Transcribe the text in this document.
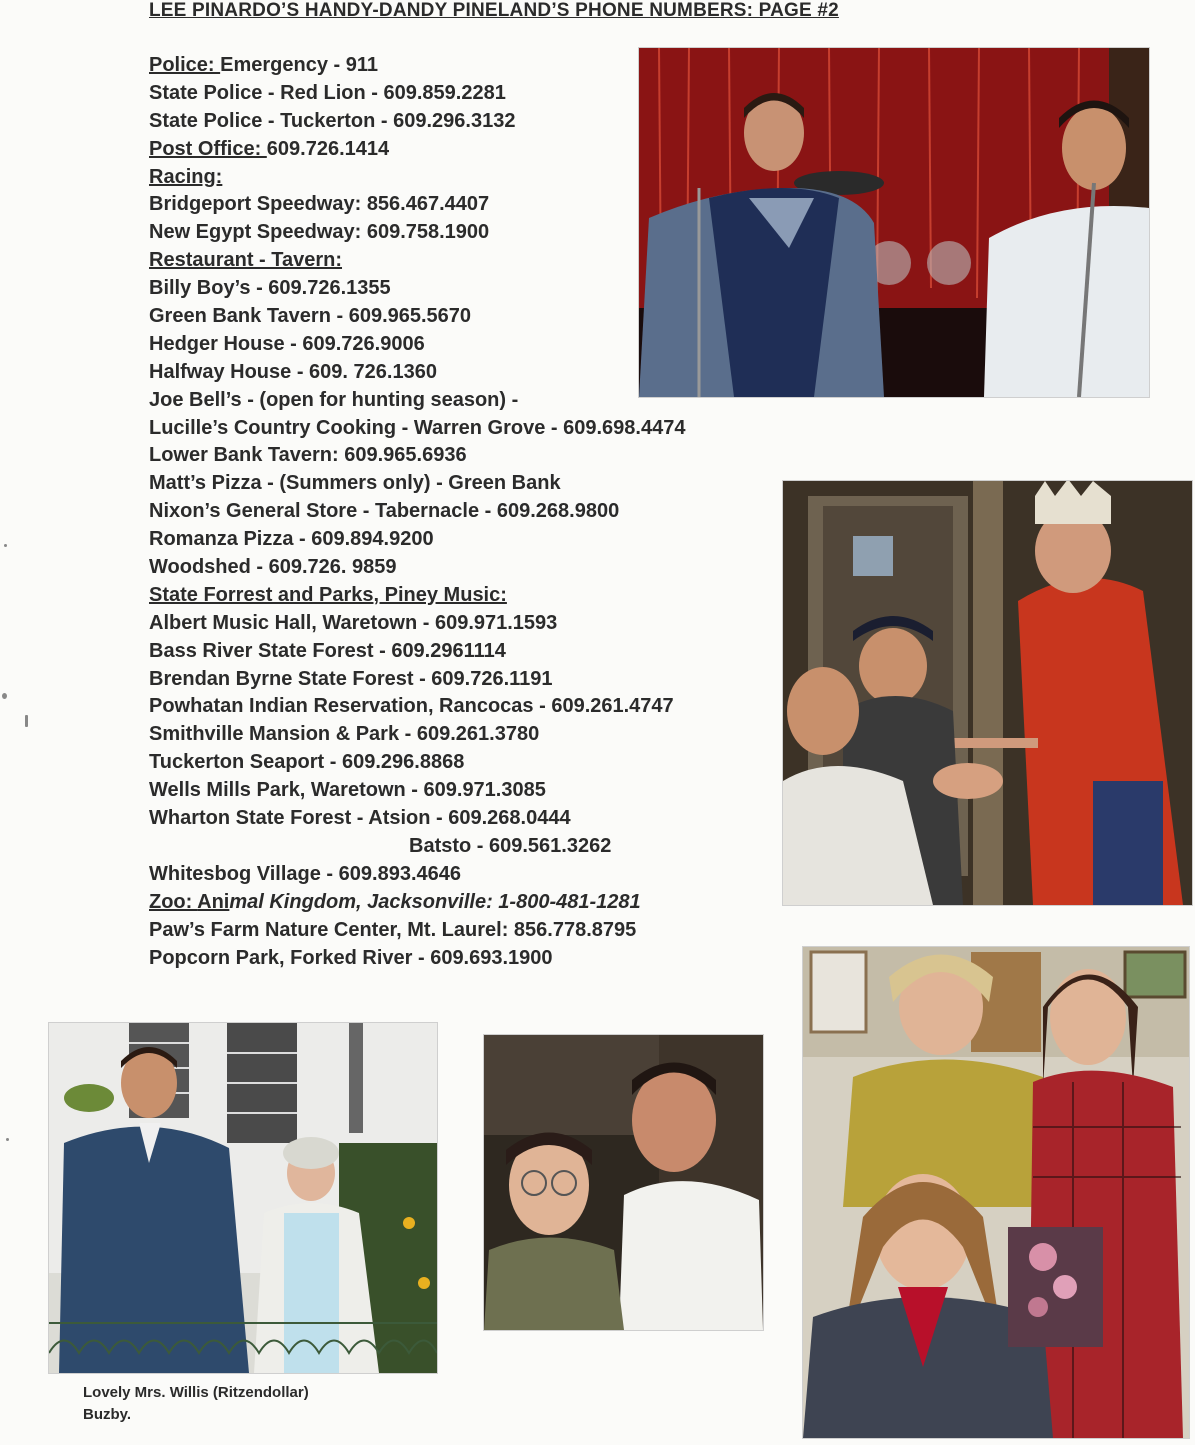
LEE PINARDO’S HANDY-DANDY PINELAND’S PHONE NUMBERS: PAGE #2
Police: Emergency - 911
State Police - Red Lion - 609.859.2281
State Police - Tuckerton - 609.296.3132
Post Office: 609.726.1414
Racing:
Bridgeport Speedway: 856.467.4407
New Egypt Speedway: 609.758.1900
Restaurant - Tavern:
Billy Boy’s - 609.726.1355
Green Bank Tavern - 609.965.5670
Hedger House - 609.726.9006
Halfway House - 609. 726.1360
Joe Bell’s - (open for hunting season) -
Lucille’s Country Cooking - Warren Grove - 609.698.4474
Lower Bank Tavern: 609.965.6936
Matt’s Pizza - (Summers only) - Green Bank
Nixon’s General Store - Tabernacle - 609.268.9800
Romanza Pizza - 609.894.9200
Woodshed - 609.726. 9859
State Forrest and Parks, Piney Music:
Albert Music Hall, Waretown - 609.971.1593
Bass River State Forest - 609.2961114
Brendan Byrne State Forest - 609.726.1191
Powhatan Indian Reservation, Rancocas - 609.261.4747
Smithville Mansion & Park - 609.261.3780
Tuckerton Seaport - 609.296.8868
Wells Mills Park, Waretown - 609.971.3085
Wharton State Forest - Atsion - 609.268.0444
Batsto - 609.561.3262
Whitesbog Village - 609.893.4646
Zoo: Animal Kingdom, Jacksonville: 1-800-481-1281
Paw’s Farm Nature Center, Mt. Laurel: 856.778.8795
Popcorn Park, Forked River - 609.693.1900
Lovely Mrs. Willis (Ritzendollar)
Buzby.
